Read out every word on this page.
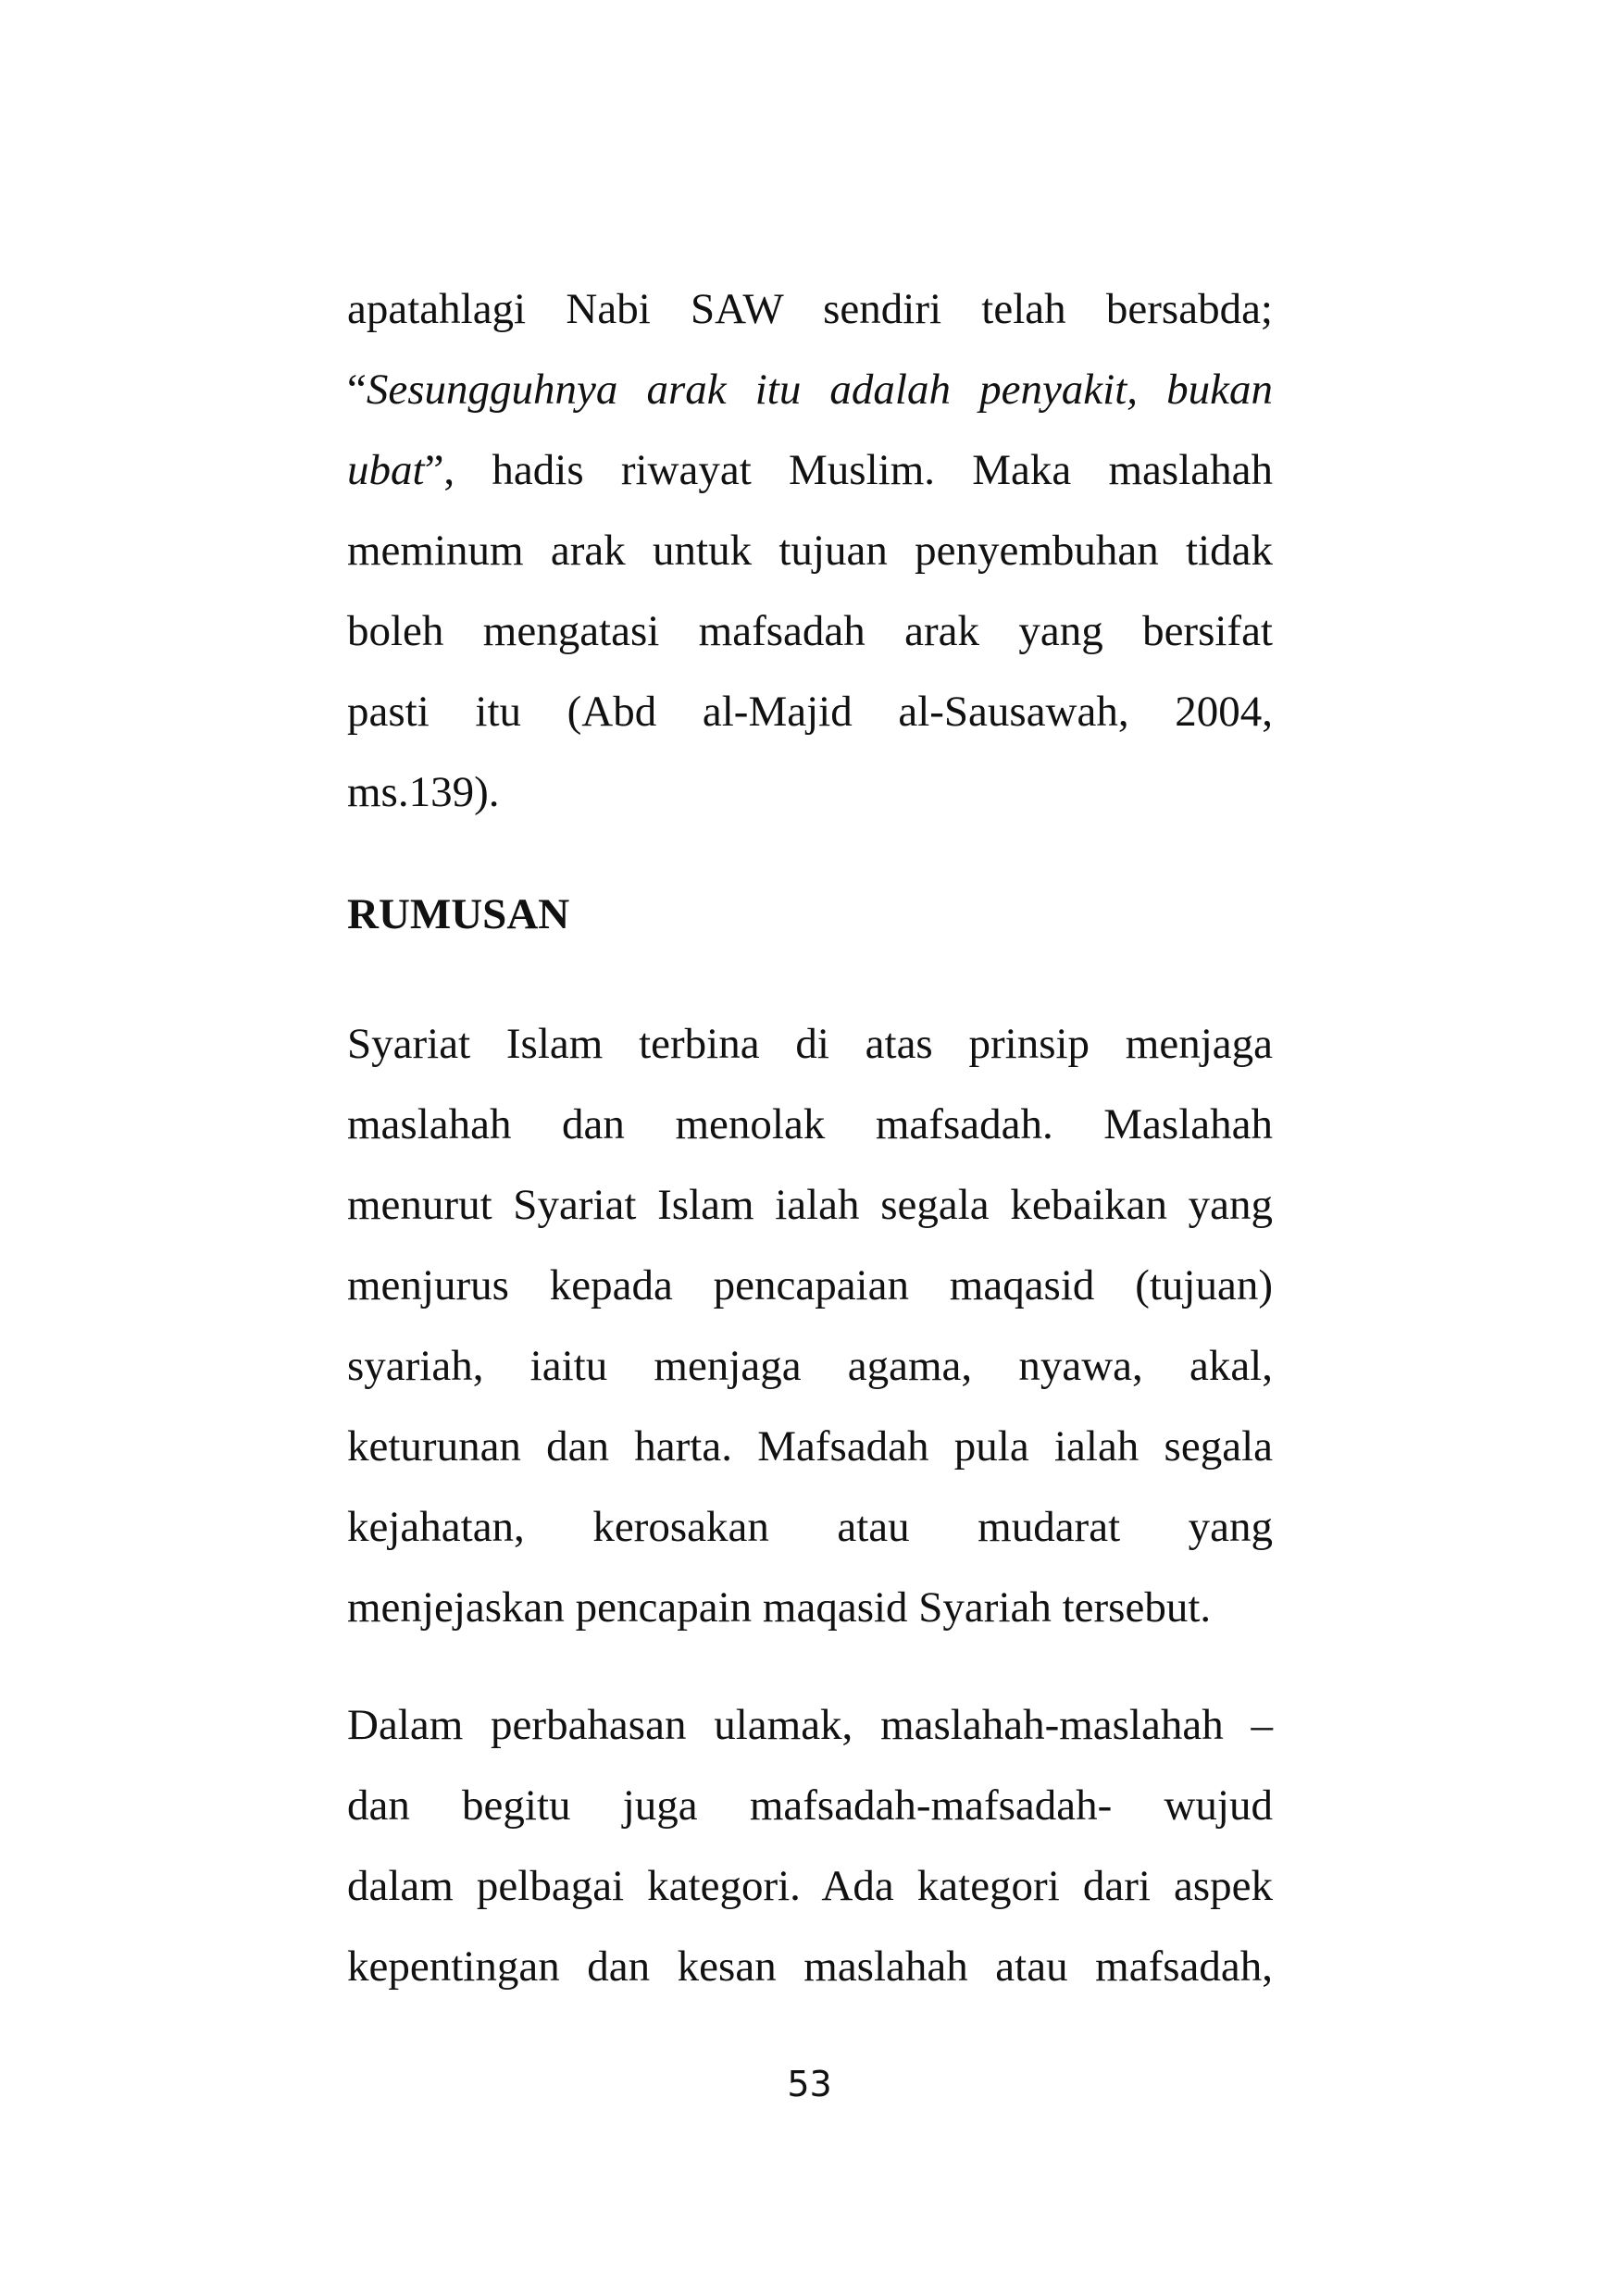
apatahlagi Nabi SAW sendiri telah bersabda;
“Sesungguhnya arak itu adalah penyakit, bukan
ubat”, hadis riwayat Muslim. Maka maslahah
meminum arak untuk tujuan penyembuhan tidak
boleh mengatasi mafsadah arak yang bersifat
pasti itu (Abd al-Majid al-Sausawah, 2004,
ms.139).
RUMUSAN
Syariat Islam terbina di atas prinsip menjaga
maslahah dan menolak mafsadah. Maslahah
menurut Syariat Islam ialah segala kebaikan yang
menjurus kepada pencapaian maqasid (tujuan)
syariah, iaitu menjaga agama, nyawa, akal,
keturunan dan harta. Mafsadah pula ialah segala
kejahatan, kerosakan atau mudarat yang
menjejaskan pencapain maqasid Syariah tersebut.
Dalam perbahasan ulamak, maslahah-maslahah –
dan begitu juga mafsadah-mafsadah- wujud
dalam pelbagai kategori. Ada kategori dari aspek
kepentingan dan kesan maslahah atau mafsadah,
53
